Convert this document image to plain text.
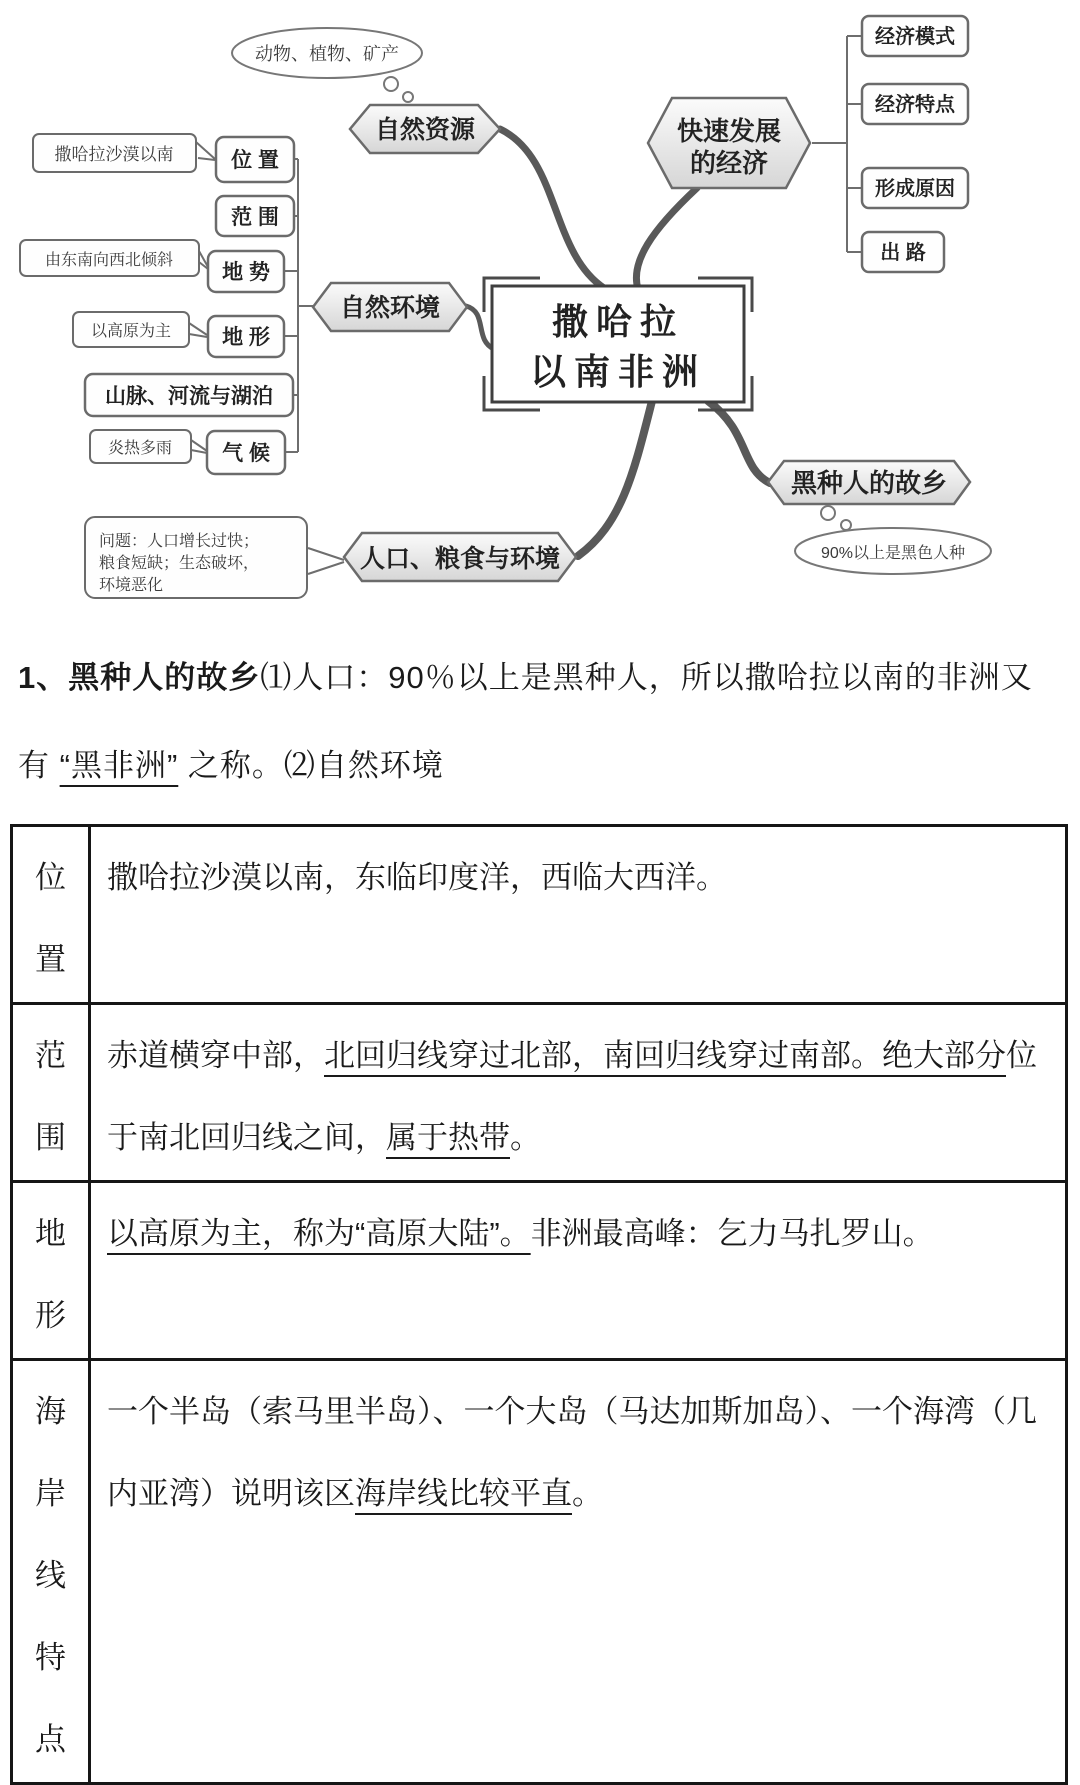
动物、植物、矿产
自然资源
撒哈拉沙漠以南	位 置
范 围
由东南向西北倾斜
地 势
以高原为主 地 形
山脉、河流与湖泊
炎热多雨 气 候
自然环境	撒哈拉
以南非洲
快速发展
的经济
经济模式
经济特点
形成原因
出 路
黑种人的故乡
90%以上是黑色人种
问题：人口增长过快；
粮食短缺；生态破坏，
环境恶化
人口、粮食与环境
1、黑种人的故乡⑴人口：90％以上是黑种人，所以撒哈拉以南的非洲又有 “黑非洲” 之称。⑵自然环境
位
置	撒哈拉沙漠以南，东临印度洋，西临大西洋。
范
围	赤道横穿中部，北回归线穿过北部，南回归线穿过南部。绝大部分位于南北回归线之间，属于热带。
地
形	以高原为主，称为“高原大陆”。非洲最高峰：乞力马扎罗山。
海
岸
线
特
点	一个半岛（索马里半岛）、一个大岛（马达加斯加岛）、一个海湾（几内亚湾）说明该区海岸线比较平直。
